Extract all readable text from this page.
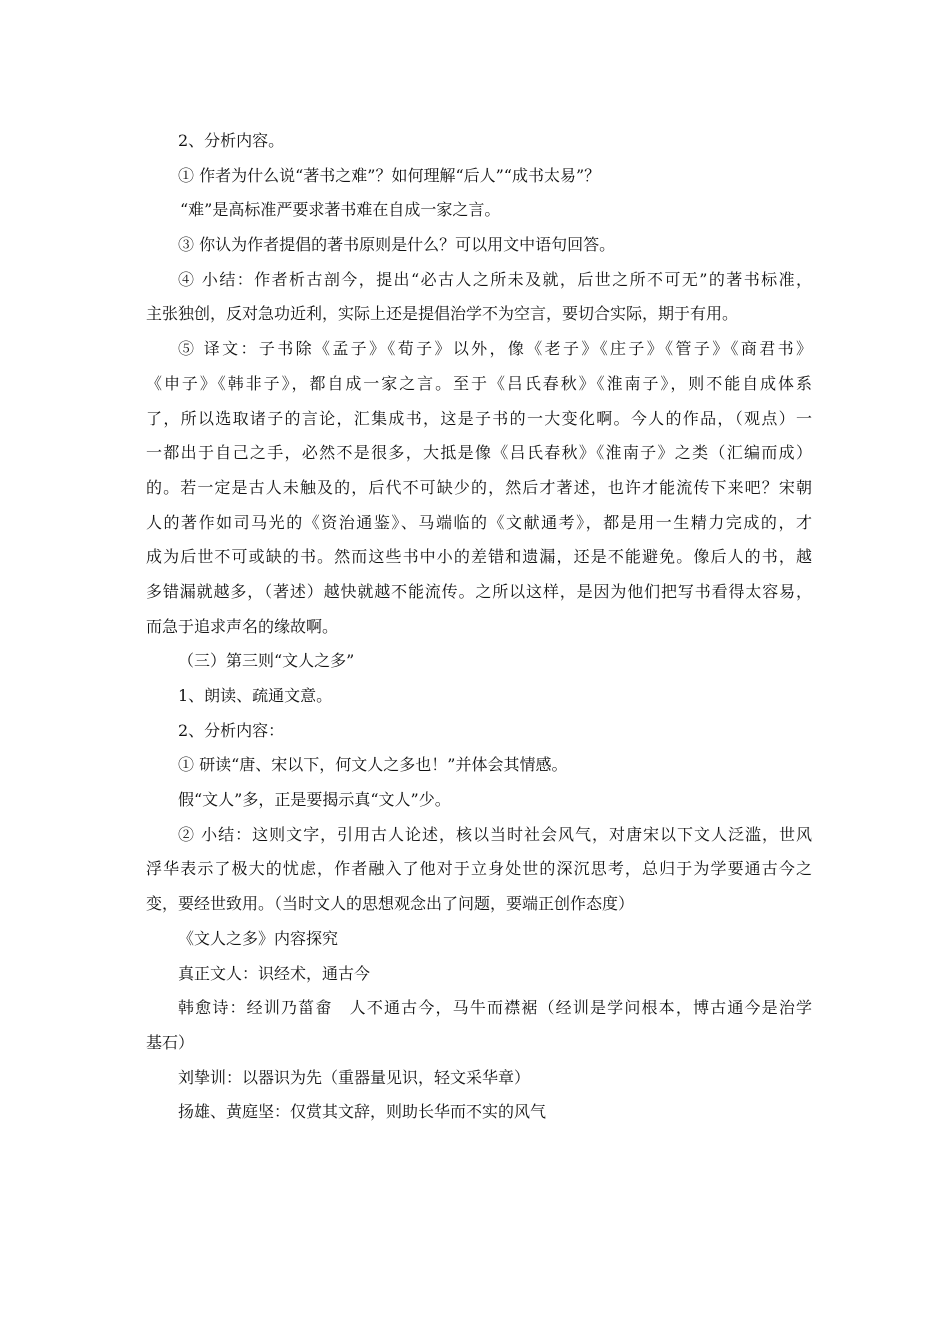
2、分析内容。
① 作者为什么说“著书之难”？如何理解“后人”“成书太易”？
“难”是高标准严要求著书难在自成一家之言。
③ 你认为作者提倡的著书原则是什么？可以用文中语句回答。
④ 小结：作者析古剖今，提出“必古人之所未及就，后世之所不可无”的著书标准，
主张独创，反对急功近利，实际上还是提倡治学不为空言，要切合实际，期于有用。
⑤ 译文：子书除《孟子》《荀子》以外，像《老子》《庄子》《管子》《商君书》
《申子》《韩非子》，都自成一家之言。至于《吕氏春秋》《淮南子》，则不能自成体系
了，所以选取诸子的言论，汇集成书，这是子书的一大变化啊。今人的作品，（观点）一
一都出于自己之手，必然不是很多，大抵是像《吕氏春秋》《淮南子》之类（汇编而成）
的。若一定是古人未触及的，后代不可缺少的，然后才著述，也许才能流传下来吧？宋朝
人的著作如司马光的《资治通鉴》、马端临的《文献通考》，都是用一生精力完成的，才
成为后世不可或缺的书。然而这些书中小的差错和遗漏，还是不能避免。像后人的书，越
多错漏就越多，（著述）越快就越不能流传。之所以这样，是因为他们把写书看得太容易，
而急于追求声名的缘故啊。
（三）第三则“文人之多”
1、朗读、疏通文意。
2、分析内容：
① 研读“唐、宋以下，何文人之多也！”并体会其情感。
假“文人”多，正是要揭示真“文人”少。
② 小结：这则文字，引用古人论述，核以当时社会风气，对唐宋以下文人泛滥，世风
浮华表示了极大的忧虑，作者融入了他对于立身处世的深沉思考，总归于为学要通古今之
变，要经世致用。（当时文人的思想观念出了问题，要端正创作态度）
《文人之多》内容探究
真正文人：识经术，通古今
韩愈诗：经训乃菑畲　人不通古今，马牛而襟裾（经训是学问根本，博古通今是治学
基石）
刘挚训：以器识为先（重器量见识，轻文采华章）
扬雄、黄庭坚：仅赏其文辞，则助长华而不实的风气
